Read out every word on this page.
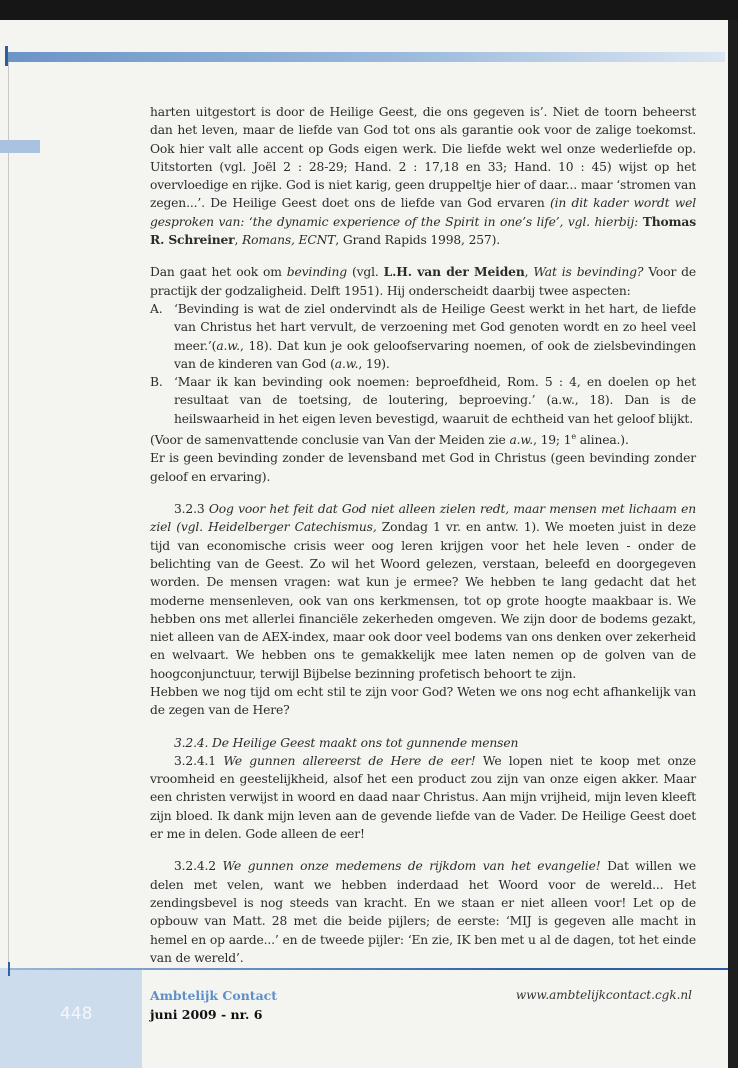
harten uitgestort is door de Heilige Geest, die ons gegeven is’. Niet de toorn beheerst dan het leven, maar de liefde van God tot ons als garantie ook voor de zalige toekomst. Ook hier valt alle accent op Gods eigen werk. Die liefde wekt wel onze wederliefde op. Uitstorten (vgl. Joël 2 : 28-29; Hand. 2 : 17,18 en 33; Hand. 10 : 45) wijst op het overvloedige en rijke. God is niet karig, geen druppeltje hier of daar... maar ‘stromen van zegen...’. De Heilige Geest doet ons de liefde van God ervaren (in dit kader wordt wel gesproken van: ‘the dynamic experience of the Spirit in one’s life’, vgl. hierbij: Thomas R. Schreiner, Romans, ECNT, Grand Rapids 1998, 257).

Dan gaat het ook om bevinding (vgl. L.H. van der Meiden, Wat is bevinding? Voor de practijk der godzaligheid. Delft 1951). Hij onderscheidt daarbij twee aspecten:

A. ‘Bevinding is wat de ziel ondervindt als de Heilige Geest werkt in het hart, de liefde van Christus het hart vervult, de verzoening met God genoten wordt en zo heel veel meer.’(a.w., 18). Dat kun je ook geloofservaring noemen, of ook de zielsbevindingen van de kinderen van God (a.w., 19).
B. ‘Maar ik kan bevinding ook noemen: beproefdheid, Rom. 5 : 4, en doelen op het resultaat van de toetsing, de loutering, beproeving.’ (a.w., 18). Dan is de heilswaarheid in het eigen leven bevestigd, waaruit de echtheid van het geloof blijkt.

(Voor de samenvattende conclusie van Van der Meiden zie a.w., 19; 1e alinea.).

Er is geen bevinding zonder de levensband met God in Christus (geen bevinding zonder geloof en ervaring).

3.2.3 Oog voor het feit dat God niet alleen zielen redt, maar mensen met lichaam en ziel (vgl. Heidelberger Catechismus, Zondag 1 vr. en antw. 1). We moeten juist in deze tijd van economische crisis weer oog leren krijgen voor het hele leven - onder de belichting van de Geest. Zo wil het Woord gelezen, verstaan, beleefd en doorgegeven worden. De mensen vragen: wat kun je ermee? We hebben te lang gedacht dat het moderne mensenleven, ook van ons kerkmensen, tot op grote hoogte maakbaar is. We hebben ons met allerlei financiële zekerheden omgeven. We zijn door de bodems gezakt, niet alleen van de AEX-index, maar ook door veel bodems van ons denken over zekerheid en welvaart. We hebben ons te gemakkelijk mee laten nemen op de golven van de hoogconjunctuur, terwijl Bijbelse bezinning profetisch behoort te zijn.

Hebben we nog tijd om echt stil te zijn voor God? Weten we ons nog echt afhankelijk van de zegen van de Here?

3.2.4. De Heilige Geest maakt ons tot gunnende mensen

3.2.4.1 We gunnen allereerst de Here de eer! We lopen niet te koop met onze vroomheid en geestelijkheid, alsof het een product zou zijn van onze eigen akker. Maar een christen verwijst in woord en daad naar Christus. Aan mijn vrijheid, mijn leven kleeft zijn bloed. Ik dank mijn leven aan de gevende liefde van de Vader. De Heilige Geest doet er me in delen. Gode alleen de eer!

3.2.4.2 We gunnen onze medemens de rijkdom van het evangelie! Dat willen we delen met velen, want we hebben inderdaad het Woord voor de wereld... Het zendingsbevel is nog steeds van kracht. En we staan er niet alleen voor! Let op de opbouw van Matt. 28 met die beide pijlers; de eerste: ‘MIJ is gegeven alle macht in hemel en op aarde...’ en de tweede pijler: ‘En zie, IK ben met u al de dagen, tot het einde van de wereld’.

448
Ambtelijk Contact
juni 2009 - nr. 6
www.ambtelijkcontact.cgk.nl
